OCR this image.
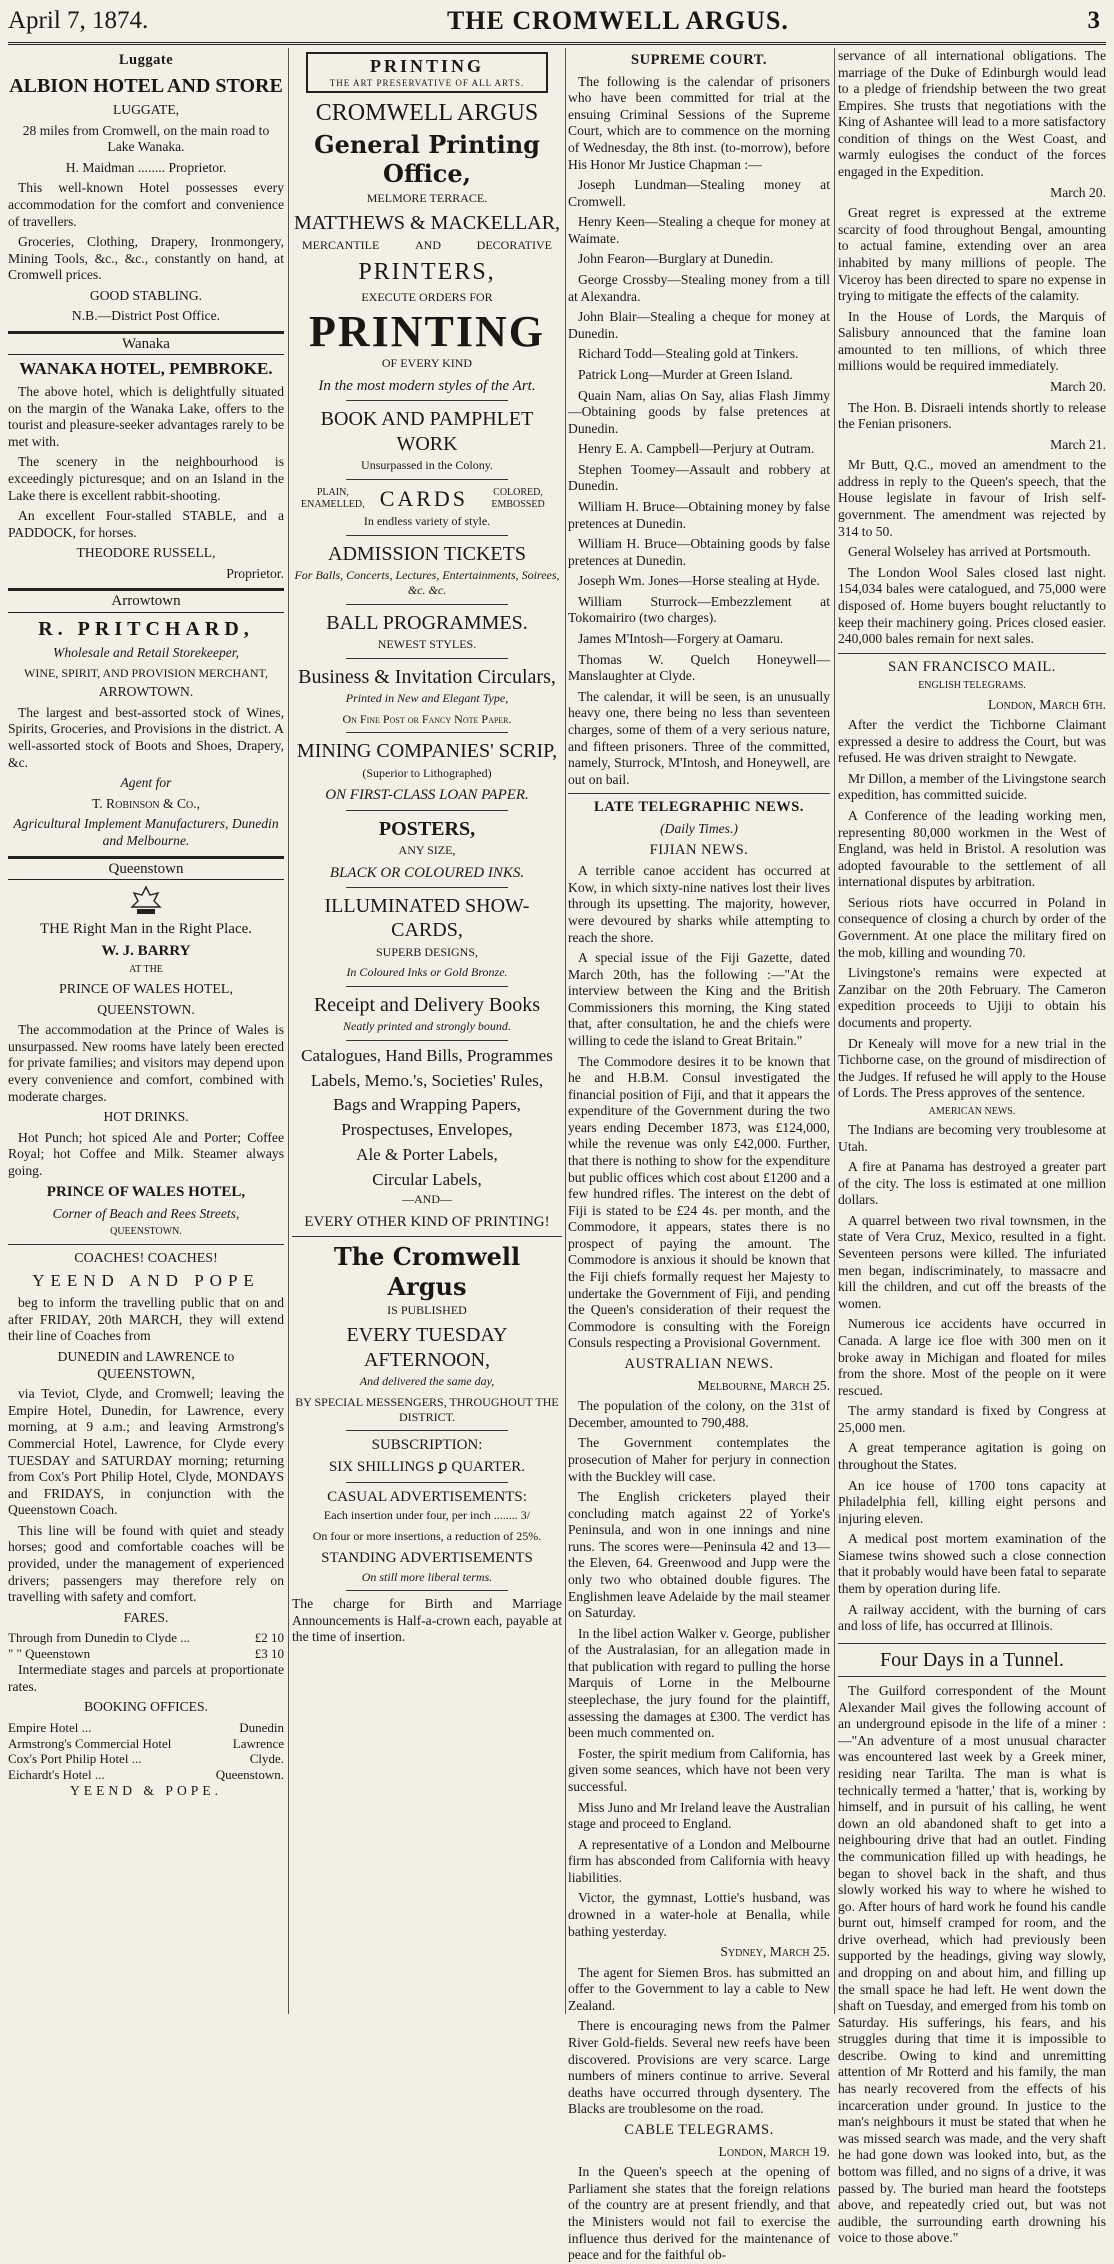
April 7, 1874.	THE CROMWELL ARGUS.	3
Luggate
ALBION HOTEL AND STORE

LUGGATE,

28 miles from Cromwell, on the main road to Lake Wanaka.

H. Maidman ........ Proprietor.

This well-known Hotel possesses every accommodation for the comfort and convenience of travellers.

Groceries, Clothing, Drapery, Ironmongery, Mining Tools, &c., &c., constantly on hand, at Cromwell prices.

GOOD STABLING.

N.B.—District Post Office.

Wanaka
WANAKA HOTEL, PEMBROKE.

The above hotel, which is delightfully situated on the margin of the Wanaka Lake, offers to the tourist and pleasure-seeker advantages rarely to be met with.

The scenery in the neighbourhood is exceedingly picturesque; and on an Island in the Lake there is excellent rabbit-shooting.

An excellent Four-stalled STABLE, and a PADDOCK, for horses.

THEODORE RUSSELL,

Proprietor.

Arrowtown
R. PRITCHARD,

Wholesale and Retail Storekeeper,

WINE, SPIRIT, AND PROVISION MERCHANT,

ARROWTOWN.

The largest and best-assorted stock of Wines, Spirits, Groceries, and Provisions in the district. A well-assorted stock of Boots and Shoes, Drapery, &c.

Agent for

T. Robinson & Co.,

Agricultural Implement Manufacturers, Dunedin and Melbourne.

Queenstown

THE Right Man in the Right Place.

W. J. BARRY

AT THE

PRINCE OF WALES HOTEL,

QUEENSTOWN.

The accommodation at the Prince of Wales is unsurpassed. New rooms have lately been erected for private families; and visitors may depend upon every convenience and comfort, combined with moderate charges.

HOT DRINKS.

Hot Punch; hot spiced Ale and Porter; Coffee Royal; hot Coffee and Milk. Steamer always going.

PRINCE OF WALES HOTEL,

Corner of Beach and Rees Streets,

QUEENSTOWN.

COACHES! COACHES!

YEEND AND POPE

beg to inform the travelling public that on and after FRIDAY, 20th MARCH, they will extend their line of Coaches from

DUNEDIN and LAWRENCE to QUEENSTOWN,

via Teviot, Clyde, and Cromwell; leaving the Empire Hotel, Dunedin, for Lawrence, every morning, at 9 a.m.; and leaving Armstrong's Commercial Hotel, Lawrence, for Clyde every TUESDAY and SATURDAY morning; returning from Cox's Port Philip Hotel, Clyde, MONDAYS and FRIDAYS, in conjunction with the Queenstown Coach.

This line will be found with quiet and steady horses; good and comfortable coaches will be provided, under the management of experienced drivers; passengers may therefore rely on travelling with safety and comfort.

FARES.

Through from Dunedin to Clyde ...	£2 10
" " Queenstown	£3 10

Intermediate stages and parcels at proportionate rates.

BOOKING OFFICES.

Empire Hotel ...	Dunedin
Armstrong's Commercial Hotel	Lawrence
Cox's Port Philip Hotel ...	Clyde.
Eichardt's Hotel ...	Queenstown.

YEEND & POPE.

PRINTING
THE ART PRESERVATIVE OF ALL ARTS.
CROMWELL ARGUS
General Printing Office,
MELMORE TERRACE.
MATTHEWS & MACKELLAR,
MERCANTILE	AND	DECORATIVE
PRINTERS,
EXECUTE ORDERS FOR
PRINTING
OF EVERY KIND
In the most modern styles of the Art.
BOOK AND PAMPHLET WORK
Unsurpassed in the Colony.
PLAIN, ENAMELLED, CARDS	COLORED, EMBOSSED
In endless variety of style.
ADMISSION TICKETS
For Balls, Concerts, Lectures, Entertainments, Soirees, &c. &c.
BALL PROGRAMMES.
NEWEST STYLES.
Business & Invitation Circulars,
Printed in New and Elegant Type,
On Fine Post or Fancy Note Paper.
MINING COMPANIES' SCRIP,
(Superior to Lithographed)
ON FIRST-CLASS LOAN PAPER.
POSTERS,
ANY SIZE,
BLACK OR COLOURED INKS.
ILLUMINATED SHOW-CARDS,
SUPERB DESIGNS,
In Coloured Inks or Gold Bronze.
Receipt and Delivery Books
Neatly printed and strongly bound.
Catalogues, Hand Bills, Programmes
Labels, Memo.'s, Societies' Rules,
Bags and Wrapping Papers,
Prospectuses, Envelopes,
Ale & Porter Labels,
Circular Labels,
—AND—
EVERY OTHER KIND OF PRINTING!
The Cromwell Argus
IS PUBLISHED
EVERY TUESDAY AFTERNOON,
And delivered the same day,
BY SPECIAL MESSENGERS, THROUGHOUT THE DISTRICT.
SUBSCRIPTION:
SIX SHILLINGS ꝑ QUARTER.
CASUAL ADVERTISEMENTS:
Each insertion under four, per inch ........ 3/
On four or more insertions, a reduction of 25%.
STANDING ADVERTISEMENTS
On still more liberal terms.

The charge for Birth and Marriage Announcements is Half-a-crown each, payable at the time of insertion.

SUPREME COURT.

The following is the calendar of prisoners who have been committed for trial at the ensuing Criminal Sessions of the Supreme Court, which are to commence on the morning of Wednesday, the 8th inst. (to-morrow), before His Honor Mr Justice Chapman :—

Joseph Lundman—Stealing money at Cromwell.

Henry Keen—Stealing a cheque for money at Waimate.

John Fearon—Burglary at Dunedin.

George Crossby—Stealing money from a till at Alexandra.

John Blair—Stealing a cheque for money at Dunedin.

Richard Todd—Stealing gold at Tinkers.

Patrick Long—Murder at Green Island.

Quain Nam, alias On Say, alias Flash Jimmy —Obtaining goods by false pretences at Dunedin.

Henry E. A. Campbell—Perjury at Outram.

Stephen Toomey—Assault and robbery at Dunedin.

William H. Bruce—Obtaining money by false pretences at Dunedin.

William H. Bruce—Obtaining goods by false pretences at Dunedin.

Joseph Wm. Jones—Horse stealing at Hyde.

William Sturrock—Embezzlement at Tokomairiro (two charges).

James M'Intosh—Forgery at Oamaru.

Thomas W. Quelch Honeywell—Manslaughter at Clyde.

The calendar, it will be seen, is an unusually heavy one, there being no less than seventeen charges, some of them of a very serious nature, and fifteen prisoners. Three of the committed, namely, Sturrock, M'Intosh, and Honeywell, are out on bail.

LATE TELEGRAPHIC NEWS.

(Daily Times.)

FIJIAN NEWS.

A terrible canoe accident has occurred at Kow, in which sixty-nine natives lost their lives through its upsetting. The majority, however, were devoured by sharks while attempting to reach the shore.

A special issue of the Fiji Gazette, dated March 20th, has the following :—"At the interview between the King and the British Commissioners this morning, the King stated that, after consultation, he and the chiefs were willing to cede the island to Great Britain."

The Commodore desires it to be known that he and H.B.M. Consul investigated the financial position of Fiji, and that it appears the expenditure of the Government during the two years ending December 1873, was £124,000, while the revenue was only £42,000. Further, that there is nothing to show for the expenditure but public offices which cost about £1200 and a few hundred rifles. The interest on the debt of Fiji is stated to be £24 4s. per month, and the Commodore, it appears, states there is no prospect of paying the amount. The Commodore is anxious it should be known that the Fiji chiefs formally request her Majesty to undertake the Government of Fiji, and pending the Queen's consideration of their request the Commodore is consulting with the Foreign Consuls respecting a Provisional Government.

AUSTRALIAN NEWS.

Melbourne, March 25.

The population of the colony, on the 31st of December, amounted to 790,488.

The Government contemplates the prosecution of Maher for perjury in connection with the Buckley will case.

The English cricketers played their concluding match against 22 of Yorke's Peninsula, and won in one innings and nine runs. The scores were—Peninsula 42 and 13—the Eleven, 64. Greenwood and Jupp were the only two who obtained double figures. The Englishmen leave Adelaide by the mail steamer on Saturday.

In the libel action Walker v. George, publisher of the Australasian, for an allegation made in that publication with regard to pulling the horse Marquis of Lorne in the Melbourne steeplechase, the jury found for the plaintiff, assessing the damages at £300. The verdict has been much commented on.

Foster, the spirit medium from California, has given some seances, which have not been very successful.

Miss Juno and Mr Ireland leave the Australian stage and proceed to England.

A representative of a London and Melbourne firm has absconded from California with heavy liabilities.

Victor, the gymnast, Lottie's husband, was drowned in a water-hole at Benalla, while bathing yesterday.

Sydney, March 25.

The agent for Siemen Bros. has submitted an offer to the Government to lay a cable to New Zealand.

There is encouraging news from the Palmer River Gold-fields. Several new reefs have been discovered. Provisions are very scarce. Large numbers of miners continue to arrive. Several deaths have occurred through dysentery. The Blacks are troublesome on the road.

CABLE TELEGRAMS.

London, March 19.

In the Queen's speech at the opening of Parliament she states that the foreign relations of the country are at present friendly, and that the Ministers would not fail to exercise the influence thus derived for the maintenance of peace and for the faithful ob-

servance of all international obligations. The marriage of the Duke of Edinburgh would lead to a pledge of friendship between the two great Empires. She trusts that negotiations with the King of Ashantee will lead to a more satisfactory condition of things on the West Coast, and warmly eulogises the conduct of the forces engaged in the Expedition.

March 20.

Great regret is expressed at the extreme scarcity of food throughout Bengal, amounting to actual famine, extending over an area inhabited by many millions of people. The Viceroy has been directed to spare no expense in trying to mitigate the effects of the calamity.

In the House of Lords, the Marquis of Salisbury announced that the famine loan amounted to ten millions, of which three millions would be required immediately.

March 20.

The Hon. B. Disraeli intends shortly to release the Fenian prisoners.

March 21.

Mr Butt, Q.C., moved an amendment to the address in reply to the Queen's speech, that the House legislate in favour of Irish self-government. The amendment was rejected by 314 to 50.

General Wolseley has arrived at Portsmouth.

The London Wool Sales closed last night. 154,034 bales were catalogued, and 75,000 were disposed of. Home buyers bought reluctantly to keep their machinery going. Prices closed easier. 240,000 bales remain for next sales.

SAN FRANCISCO MAIL.

ENGLISH TELEGRAMS.

London, March 6th.

After the verdict the Tichborne Claimant expressed a desire to address the Court, but was refused. He was driven straight to Newgate.

Mr Dillon, a member of the Livingstone search expedition, has committed suicide.

A Conference of the leading working men, representing 80,000 workmen in the West of England, was held in Bristol. A resolution was adopted favourable to the settlement of all international disputes by arbitration.

Serious riots have occurred in Poland in consequence of closing a church by order of the Government. At one place the military fired on the mob, killing and wounding 70.

Livingstone's remains were expected at Zanzibar on the 20th February. The Cameron expedition proceeds to Ujiji to obtain his documents and property.

Dr Kenealy will move for a new trial in the Tichborne case, on the ground of misdirection of the Judges. If refused he will apply to the House of Lords. The Press approves of the sentence.

AMERICAN NEWS.

The Indians are becoming very troublesome at Utah.

A fire at Panama has destroyed a greater part of the city. The loss is estimated at one million dollars.

A quarrel between two rival townsmen, in the state of Vera Cruz, Mexico, resulted in a fight. Seventeen persons were killed. The infuriated men began, indiscriminately, to massacre and kill the children, and cut off the breasts of the women.

Numerous ice accidents have occurred in Canada. A large ice floe with 300 men on it broke away in Michigan and floated for miles from the shore. Most of the people on it were rescued.

The army standard is fixed by Congress at 25,000 men.

A great temperance agitation is going on throughout the States.

An ice house of 1700 tons capacity at Philadelphia fell, killing eight persons and injuring eleven.

A medical post mortem examination of the Siamese twins showed such a close connection that it probably would have been fatal to separate them by operation during life.

A railway accident, with the burning of cars and loss of life, has occurred at Illinois.

Four Days in a Tunnel.

The Guilford correspondent of the Mount Alexander Mail gives the following account of an underground episode in the life of a miner :—"An adventure of a most unusual character was encountered last week by a Greek miner, residing near Tarilta. The man is what is technically termed a 'hatter,' that is, working by himself, and in pursuit of his calling, he went down an old abandoned shaft to get into a neighbouring drive that had an outlet. Finding the communication filled up with headings, he began to shovel back in the shaft, and thus slowly worked his way to where he wished to go. After hours of hard work he found his candle burnt out, himself cramped for room, and the drive overhead, which had previously been supported by the headings, giving way slowly, and dropping on and about him, and filling up the small space he had left. He went down the shaft on Tuesday, and emerged from his tomb on Saturday. His sufferings, his fears, and his struggles during that time it is impossible to describe. Owing to kind and unremitting attention of Mr Rotterd and his family, the man has nearly recovered from the effects of his incarceration under ground. In justice to the man's neighbours it must be stated that when he was missed search was made, and the very shaft he had gone down was looked into, but, as the bottom was filled, and no signs of a drive, it was passed by. The buried man heard the footsteps above, and repeatedly cried out, but was not audible, the surrounding earth drowning his voice to those above."
